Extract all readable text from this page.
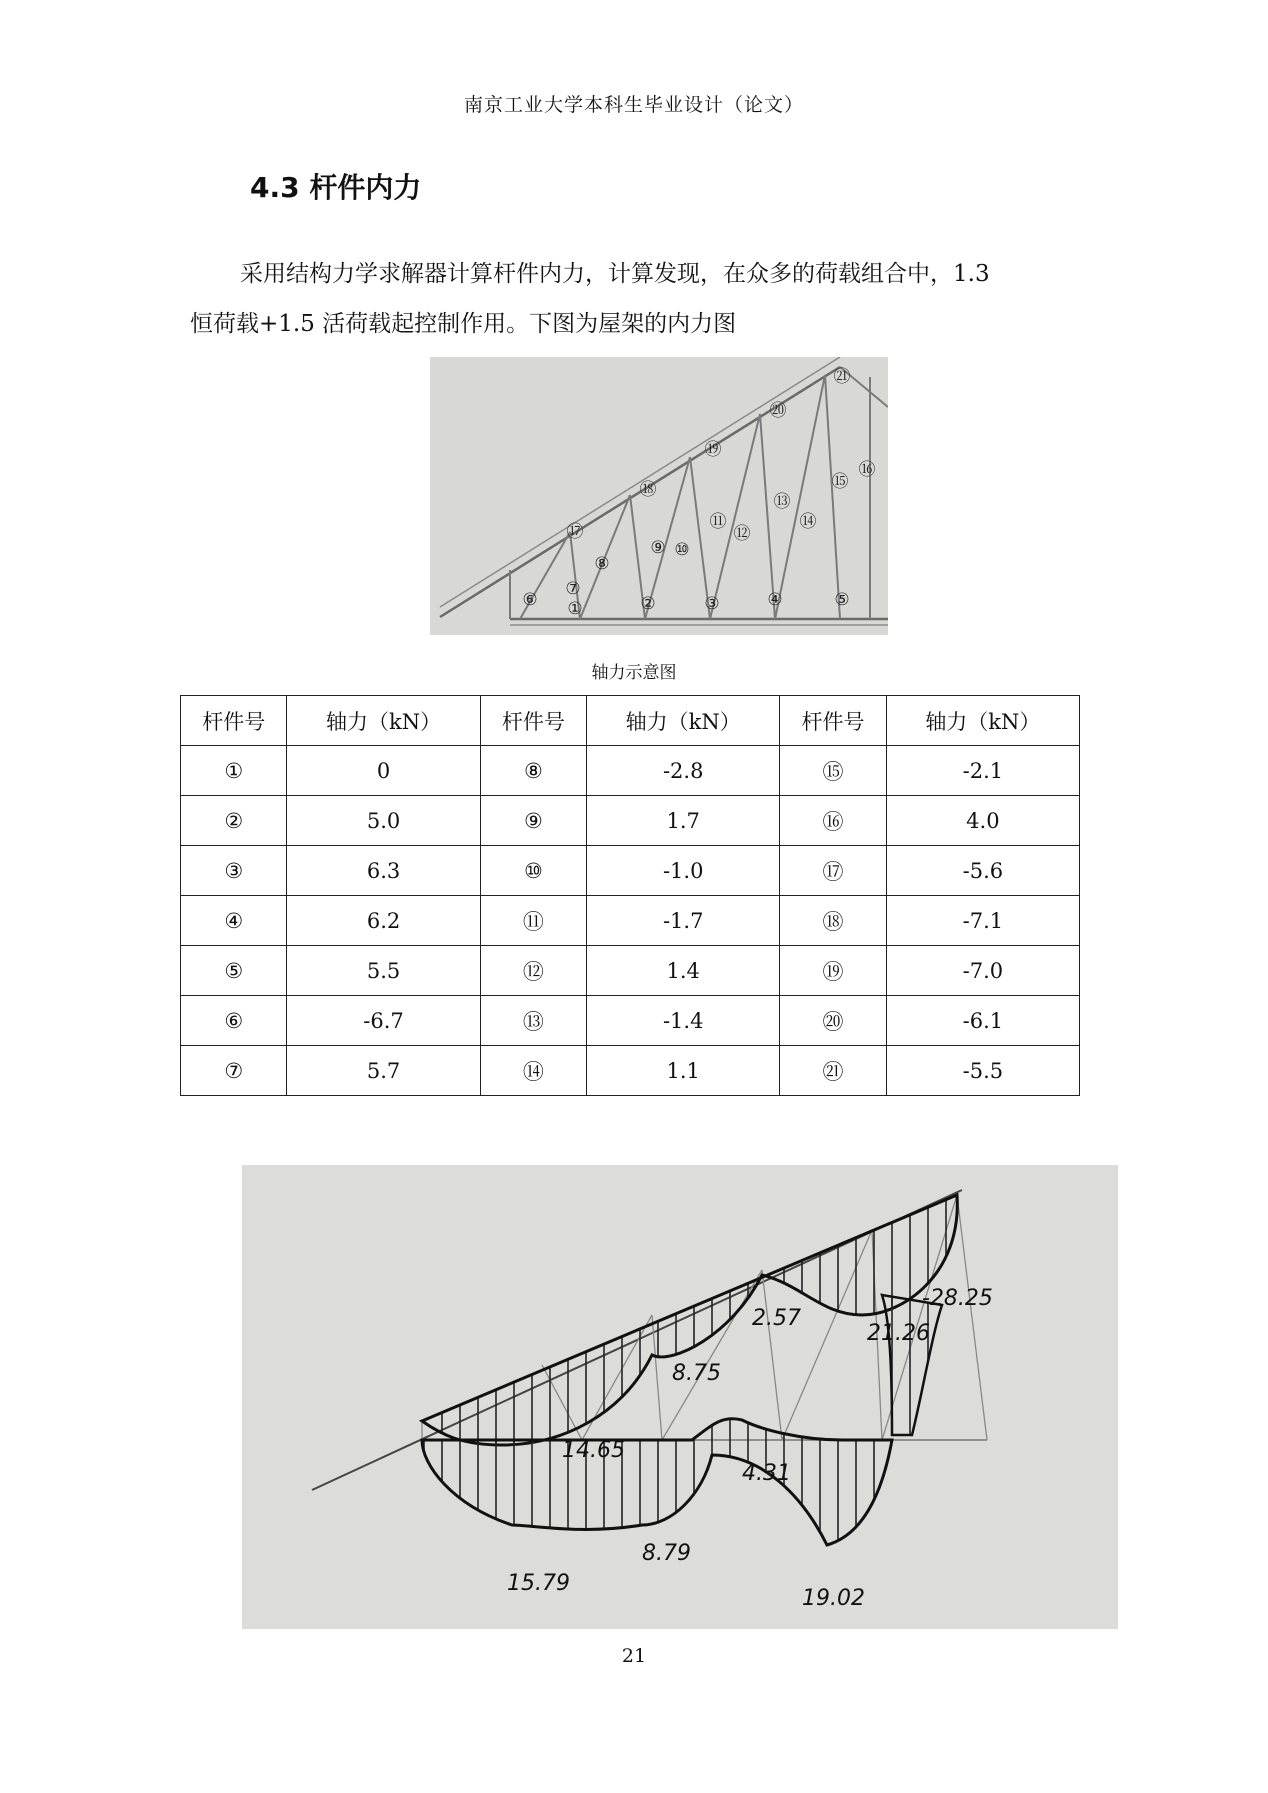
南京工业大学本科生毕业设计（论文）
4.3 杆件内力
采用结构力学求解器计算杆件内力，计算发现，在众多的荷载组合中，1.3
恒荷载+1.5 活荷载起控制作用。下图为屋架的内力图
①	②	③	④	⑤
⑥
⑦
⑧
⑨ ⑩
⑪
⑫
⑬
⑭
⑮
⑯
⑰
⑱
⑲
⑳
㉑
轴力示意图
杆件号	轴力（kN）	杆件号	轴力（kN）	杆件号	轴力（kN）
①	0	⑧	-2.8	⑮	-2.1
②	5.0	⑨	1.7	⑯	4.0
③	6.3	⑩	-1.0	⑰	-5.6
④	6.2	⑪	-1.7	⑱	-7.1
⑤	5.5	⑫	1.4	⑲	-7.0
⑥	-6.7	⑬	-1.4	⑳	-6.1
⑦	5.7	⑭	1.1	㉑	-5.5
-28.25
2.57
21.26
8.75
14.65
4.31
8.79
15.79
19.02
21
